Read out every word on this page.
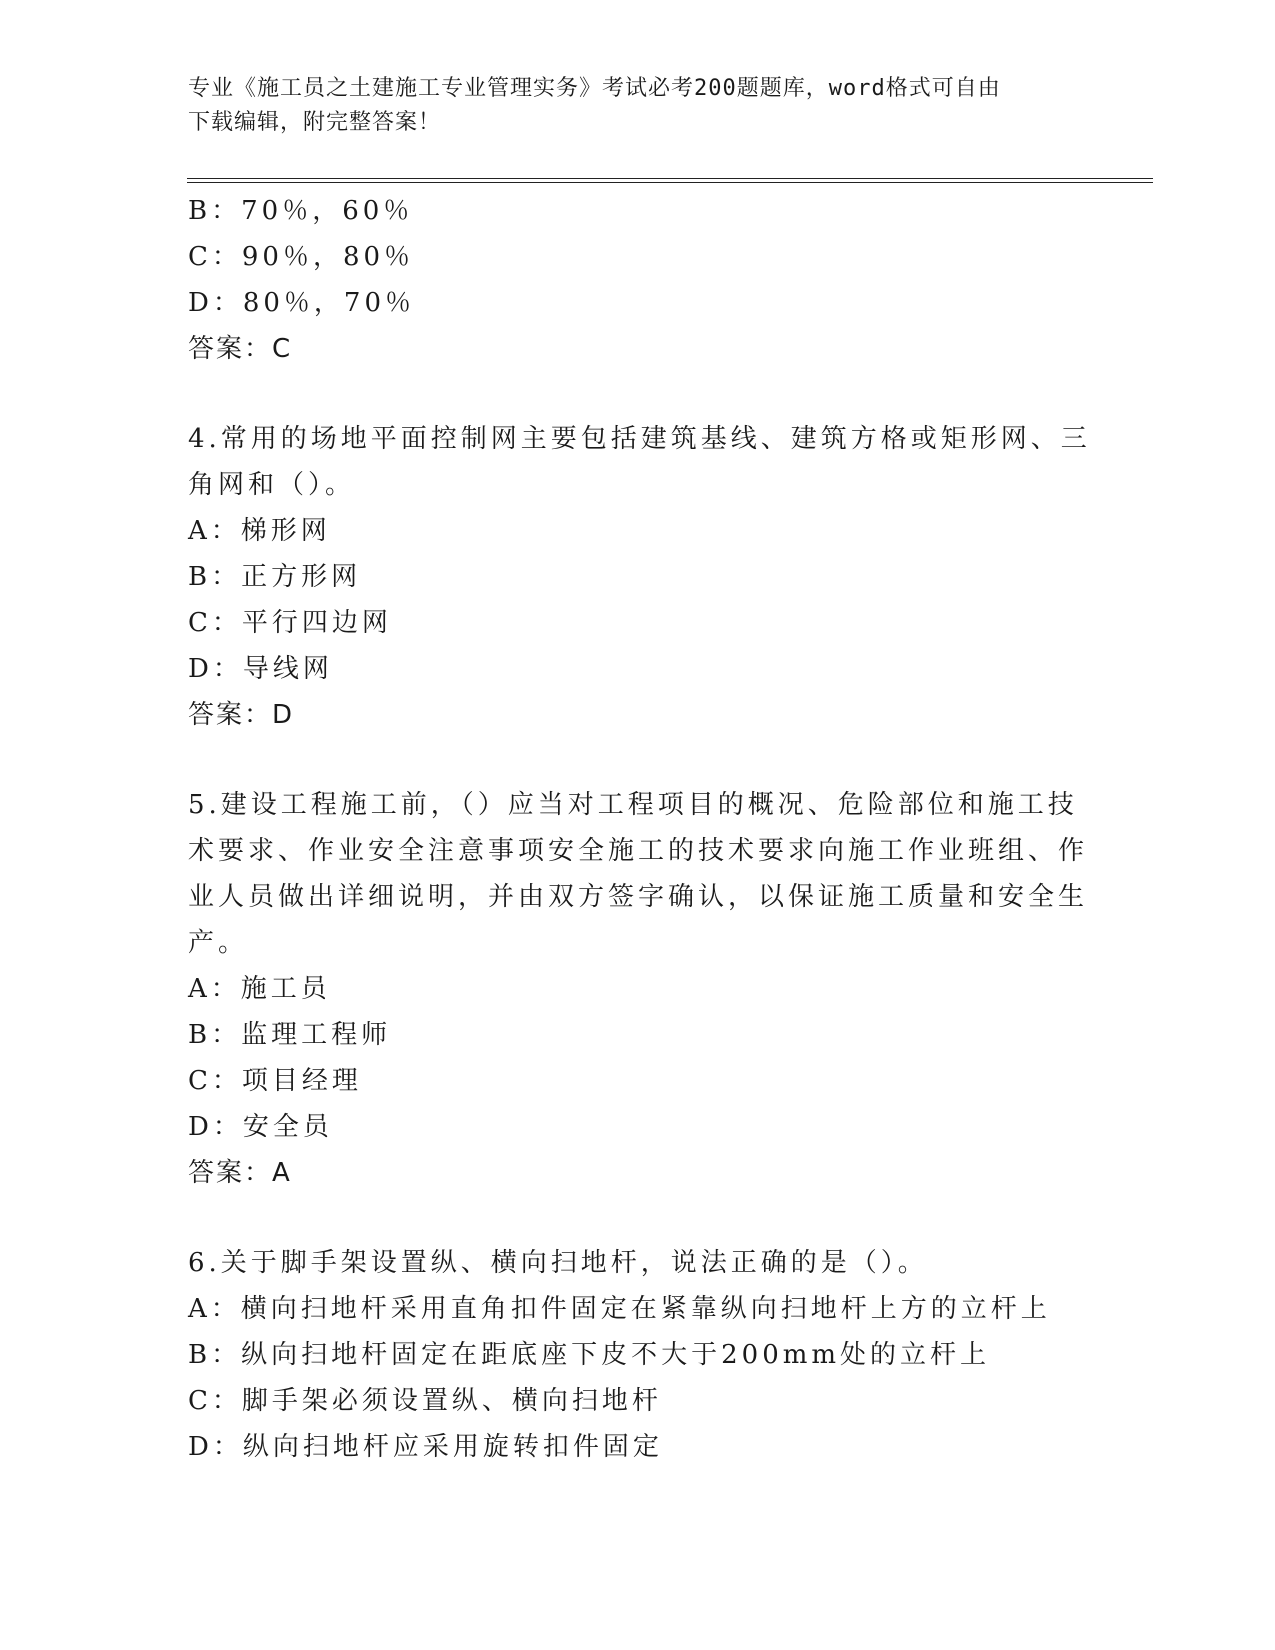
专业《施工员之土建施工专业管理实务》考试必考200题题库，word格式可自由
下载编辑，附完整答案！
B：70％，60％
C：90％，80％
D：80％，70％
答案：C
4.常用的场地平面控制网主要包括建筑基线、建筑方格或矩形网、三
角网和（）。
A：梯形网
B：正方形网
C：平行四边网
D：导线网
答案：D
5.建设工程施工前，（）应当对工程项目的概况、危险部位和施工技
术要求、作业安全注意事项安全施工的技术要求向施工作业班组、作
业人员做出详细说明，并由双方签字确认，以保证施工质量和安全生
产。
A：施工员
B：监理工程师
C：项目经理
D：安全员
答案：A
6.关于脚手架设置纵、横向扫地杆，说法正确的是（）。
A：横向扫地杆采用直角扣件固定在紧靠纵向扫地杆上方的立杆上
B：纵向扫地杆固定在距底座下皮不大于200mm处的立杆上
C：脚手架必须设置纵、横向扫地杆
D：纵向扫地杆应采用旋转扣件固定
